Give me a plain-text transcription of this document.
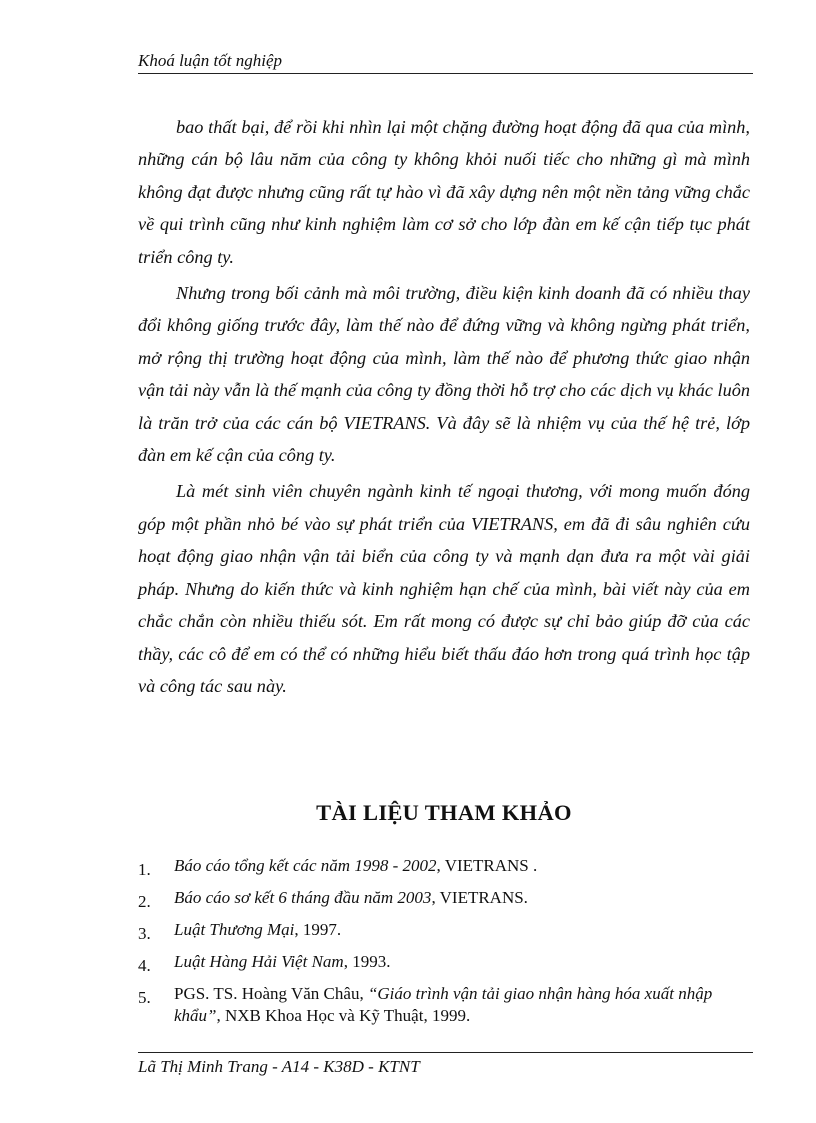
Khoá luận tốt nghiệp

bao thất bại, để rồi khi nhìn lại một chặng đường hoạt động đã qua của mình, những cán bộ lâu năm của công ty không khỏi nuối tiếc cho những gì mà mình không đạt được nhưng cũng rất tự hào vì đã xây dựng nên một nền tảng vững chắc về qui trình cũng như kinh nghiệm làm cơ sở cho lớp đàn em kế cận tiếp tục phát triển công ty.

Nhưng trong bối cảnh mà môi trường, điều kiện kinh doanh đã có nhiều thay đổi không giống trước đây, làm thế nào để đứng vững và không ngừng phát triển, mở rộng thị trường hoạt động của mình, làm thế nào để phương thức giao nhận vận tải này vẫn là thế mạnh của công ty đồng thời hỗ trợ cho các dịch vụ khác luôn là trăn trở của các cán bộ VIETRANS. Và đây sẽ là nhiệm vụ của thế hệ trẻ, lớp đàn em kế cận của công ty.

Là mét sinh viên chuyên ngành kinh tế ngoại thương, với mong muốn đóng góp một phần nhỏ bé vào sự phát triển của VIETRANS, em đã đi sâu nghiên cứu hoạt động giao nhận vận tải biển của công ty và mạnh dạn đưa ra một vài giải pháp. Nhưng do kiến thức và kinh nghiệm hạn chế của mình, bài viết này của em chắc chắn còn nhiều thiếu sót. Em rất mong có được sự chỉ bảo giúp đỡ của các thầy, các cô để em có thể có những hiểu biết thấu đáo hơn trong quá trình học tập và công tác sau này.

TÀI LIỆU THAM KHẢO
1. Báo cáo tổng kết các năm 1998 - 2002, VIETRANS .
2. Báo cáo sơ kết 6 tháng đầu năm 2003, VIETRANS.
3. Luật Thương Mại, 1997.
4. Luật Hàng Hải Việt Nam, 1993.
5. PGS. TS. Hoàng Văn Châu, “Giáo trình vận tải giao nhận hàng hóa xuất nhập khẩu”, NXB Khoa Học và Kỹ Thuật, 1999.
Lã Thị Minh Trang - A14 - K38D - KTNT
